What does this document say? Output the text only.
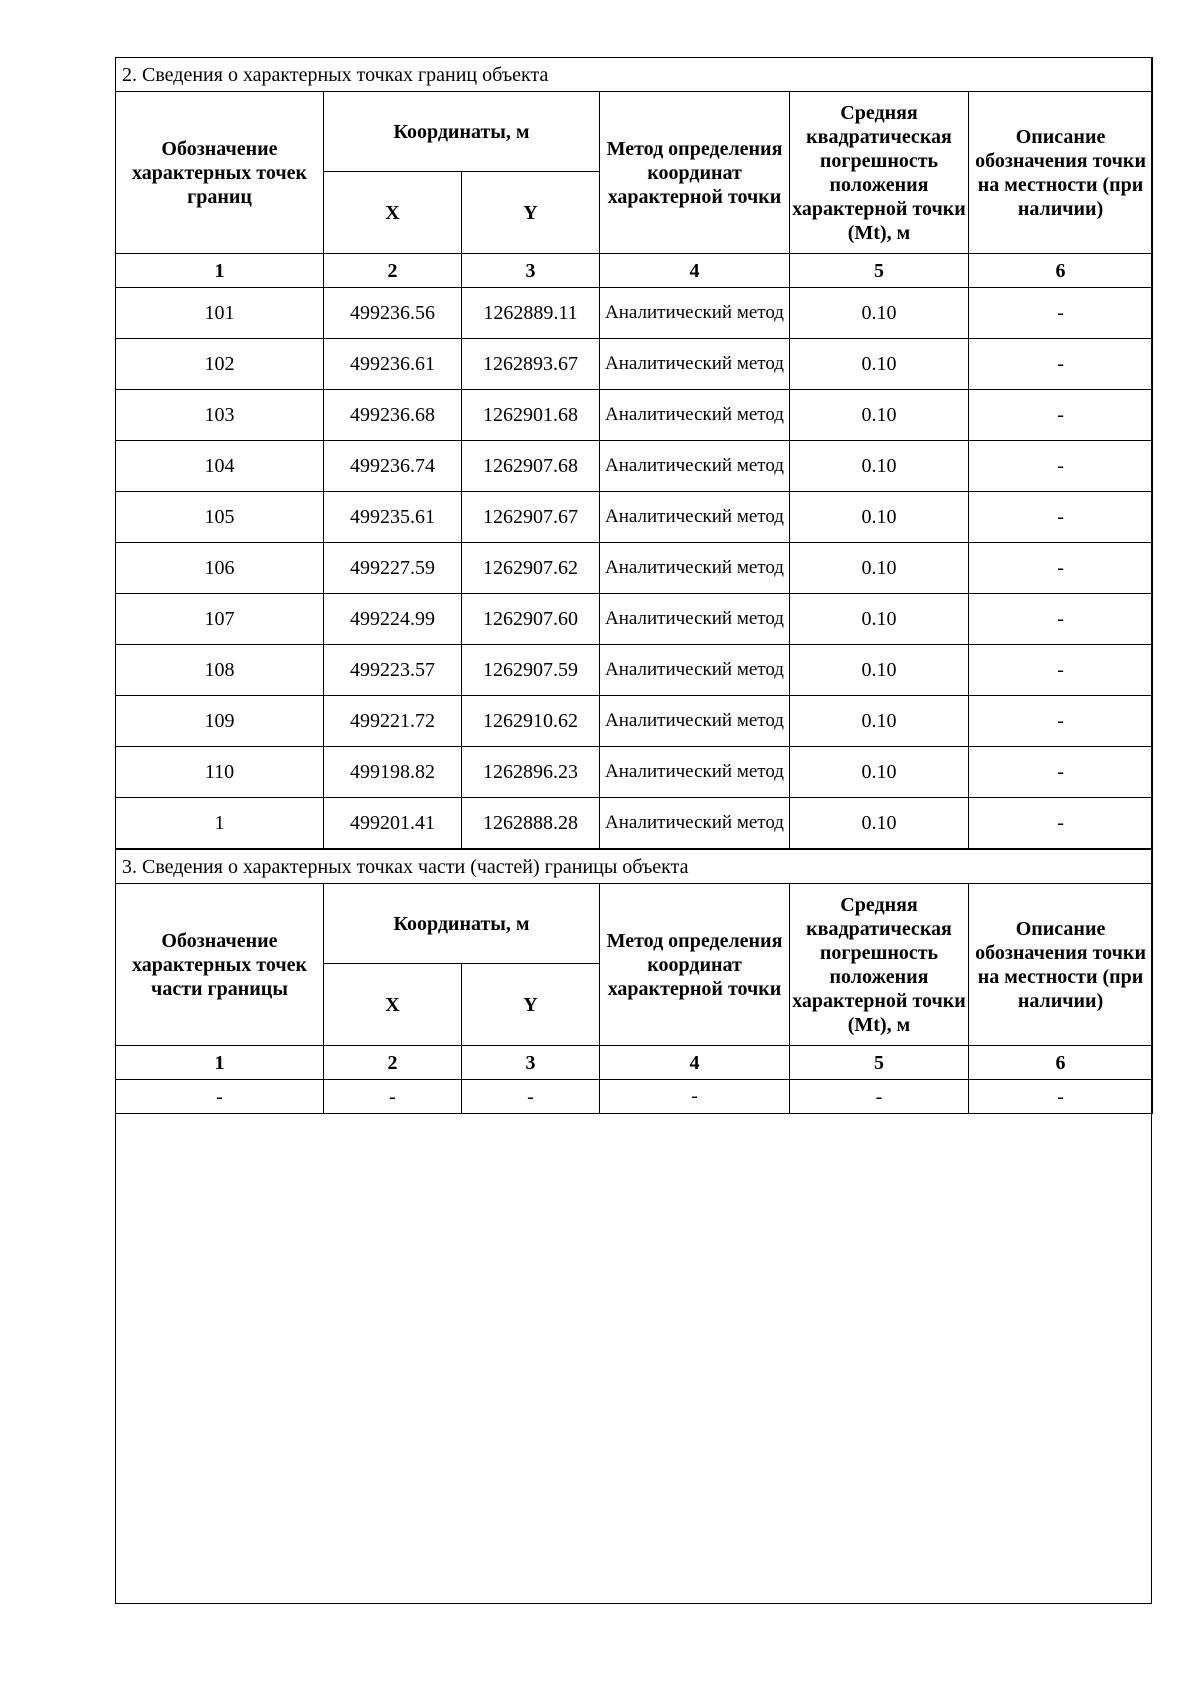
2. Сведения о характерных точках границ объекта					
Обозначение характерных точек границ	Координаты, м		Метод определения координат характерной точки	Средняя квадратическая погрешность положения характерной точки (Mt), м	Описание обозначения точки на местности (при наличии)
	X	Y			
1	2	3	4	5	6
101	499236.56	1262889.11	Аналитический метод	0.10	-
102	499236.61	1262893.67	Аналитический метод	0.10	-
103	499236.68	1262901.68	Аналитический метод	0.10	-
104	499236.74	1262907.68	Аналитический метод	0.10	-
105	499235.61	1262907.67	Аналитический метод	0.10	-
106	499227.59	1262907.62	Аналитический метод	0.10	-
107	499224.99	1262907.60	Аналитический метод	0.10	-
108	499223.57	1262907.59	Аналитический метод	0.10	-
109	499221.72	1262910.62	Аналитический метод	0.10	-
110	499198.82	1262896.23	Аналитический метод	0.10	-
1	499201.41	1262888.28	Аналитический метод	0.10	-
3. Сведения о характерных точках части (частей) границы объекта					
Обозначение характерных точек части границы	Координаты, м		Метод определения координат характерной точки	Средняя квадратическая погрешность положения характерной точки (Mt), м	Описание обозначения точки на местности (при наличии)
	X	Y			
1	2	3	4	5	6
-	-	-	-	-	-
